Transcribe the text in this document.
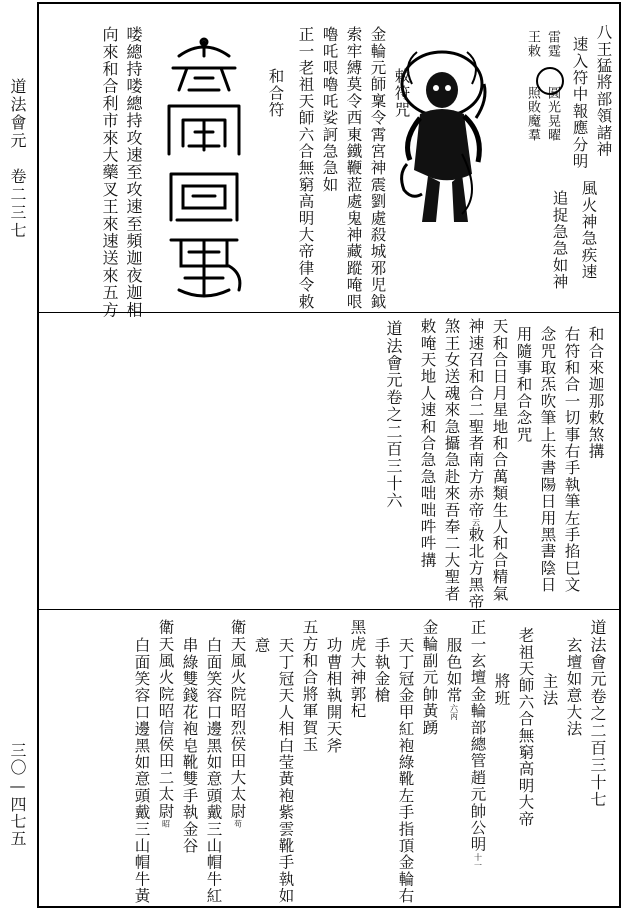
道法會元　卷二三七
三〇—四七五
八王猛將部領諸神
速入符中報應分明
雷霆　　圓光晃曜
王敕　　照敗魔羣
風火神急疾速
追捉急急如神
敕符咒
金輪元師稟令霄宮神震劉處殺城邪児鉞
索牢縛莫令西東鐵鞭蒞處鬼神藏蹤唵哏
嚕吒哏嚕吒娑訶急急如
正一老祖天師六合無窮高明大帝律令敕
和合符
喽總持喽總持攻速至攻速至頻迦夜迦相
向來和合利市來大藥叉王來速送來五方
和合來迦那敕煞搆
右符和合一切事右手執筆左手掐巳文
念咒取炁吹筆上朱書陽日用黑書陰日
用隨事和合念咒
天和合日月星地和合萬類生人和合精氣
神速召和合二聖者南方赤帝云敕北方黑帝
煞王女送魂來急攝急赴來吾奉二大聖者
敕唵天地人速和合急急咄咄吽吽搆
道法會元卷之二百三十六
道法會元卷之二百三十七
玄壇如意大法
主法
老祖天師六合無窮高明大帝
將班
正一玄壇金輪部總管趙元帥公明十一
服色如常六丙
金輪副元帥黃踴
天丁冠金甲紅袍綠靴左手指頂金輪右
手執金槍
黑虎大神郭杞
功曹相執開天斧
五方和合將軍賀玉
天丁冠天人相白莹黃袍紫雲靴手執如
意
衛天風火院昭烈侯田大太尉苟
白面笑容口邊黑如意頭戴三山帽牛紅
串綠雙錢花袍皂靴雙手執金谷
衛天風火院昭信侯田二太尉昭
白面笑容口邊黑如意頭戴三山帽牛黃
